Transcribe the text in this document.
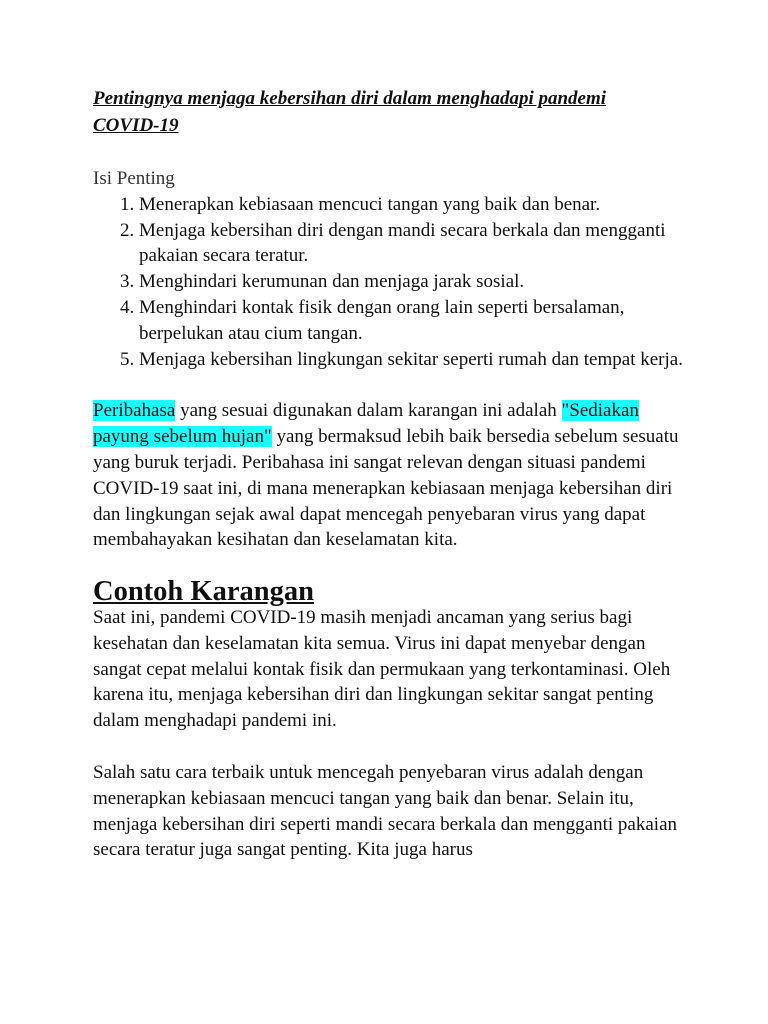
Pentingnya menjaga kebersihan diri dalam menghadapi pandemi
COVID-19
Isi Penting
1. Menerapkan kebiasaan mencuci tangan yang baik dan benar.
2. Menjaga kebersihan diri dengan mandi secara berkala dan mengganti pakaian secara teratur.
3. Menghindari kerumunan dan menjaga jarak sosial.
4. Menghindari kontak fisik dengan orang lain seperti bersalaman, berpelukan atau cium tangan.
5. Menjaga kebersihan lingkungan sekitar seperti rumah dan tempat kerja.

Peribahasa yang sesuai digunakan dalam karangan ini adalah "Sediakan payung sebelum hujan" yang bermaksud lebih baik bersedia sebelum sesuatu yang buruk terjadi. Peribahasa ini sangat relevan dengan situasi pandemi COVID-19 saat ini, di mana menerapkan kebiasaan menjaga kebersihan diri dan lingkungan sejak awal dapat mencegah penyebaran virus yang dapat membahayakan kesihatan dan keselamatan kita.

Contoh Karangan

Saat ini, pandemi COVID-19 masih menjadi ancaman yang serius bagi kesehatan dan keselamatan kita semua. Virus ini dapat menyebar dengan sangat cepat melalui kontak fisik dan permukaan yang terkontaminasi. Oleh karena itu, menjaga kebersihan diri dan lingkungan sekitar sangat penting dalam menghadapi pandemi ini.

Salah satu cara terbaik untuk mencegah penyebaran virus adalah dengan menerapkan kebiasaan mencuci tangan yang baik dan benar. Selain itu, menjaga kebersihan diri seperti mandi secara berkala dan mengganti pakaian secara teratur juga sangat penting. Kita juga harus
